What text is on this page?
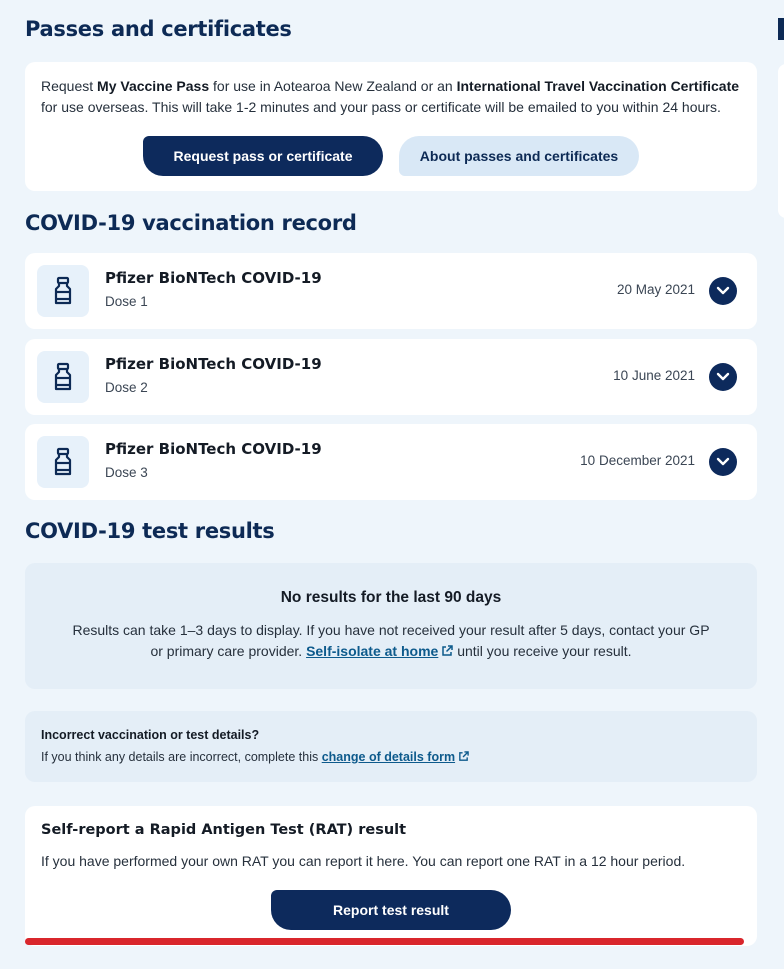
Passes and certificates
Request My Vaccine Pass for use in Aotearoa New Zealand or an International Travel Vaccination Certificate for use overseas. This will take 1-2 minutes and your pass or certificate will be emailed to you within 24 hours.
Request pass or certificate	About passes and certificates
COVID-19 vaccination record
Pfizer BioNTech COVID-19
Dose 1
20 May 2021
Pfizer BioNTech COVID-19
Dose 2
10 June 2021
Pfizer BioNTech COVID-19
Dose 3
10 December 2021
COVID-19 test results
No results for the last 90 days
Results can take 1–3 days to display. If you have not received your result after 5 days, contact your GP or primary care provider. Self-isolate at home until you receive your result.
Incorrect vaccination or test details?
If you think any details are incorrect, complete this change of details form
Self-report a Rapid Antigen Test (RAT) result
If you have performed your own RAT you can report it here. You can report one RAT in a 12 hour period.
Report test result
